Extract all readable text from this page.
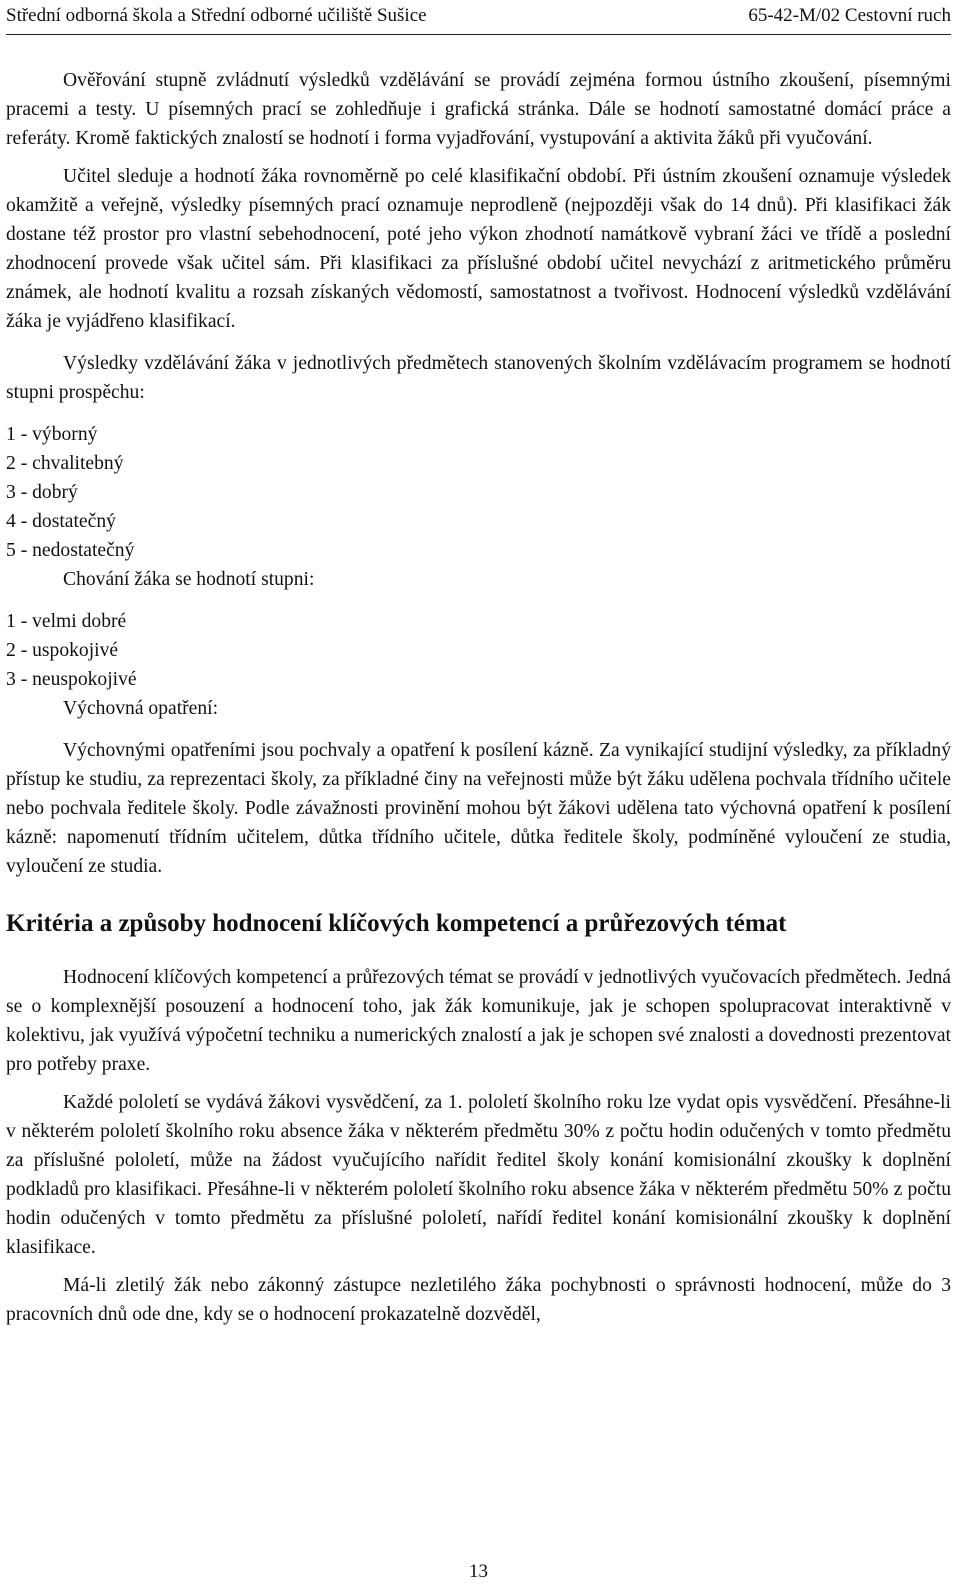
Střední odborná škola a Střední odborné učiliště Sušice	65-42-M/02 Cestovní ruch

Ověřování stupně zvládnutí výsledků vzdělávání se provádí zejména formou ústního zkoušení, písemnými pracemi a testy. U písemných prací se zohledňuje i grafická stránka. Dále se hodnotí samostatné domácí práce a referáty. Kromě faktických znalostí se hodnotí i forma vyjadřování, vystupování a aktivita žáků při vyučování.

Učitel sleduje a hodnotí žáka rovnoměrně po celé klasifikační období. Při ústním zkoušení oznamuje výsledek okamžitě a veřejně, výsledky písemných prací oznamuje neprodleně (nejpozději však do 14 dnů). Při klasifikaci žák dostane též prostor pro vlastní sebehodnocení, poté jeho výkon zhodnotí namátkově vybraní žáci ve třídě a poslední zhodnocení provede však učitel sám. Při klasifikaci za příslušné období učitel nevychází z aritmetického průměru známek, ale hodnotí kvalitu a rozsah získaných vědomostí, samostatnost a tvořivost. Hodnocení výsledků vzdělávání žáka je vyjádřeno klasifikací.

Výsledky vzdělávání žáka v jednotlivých předmětech stanovených školním vzdělávacím programem se hodnotí stupni prospěchu:

1 - výborný
2 - chvalitebný
3 - dobrý
4 - dostatečný
5 - nedostatečný
Chování žáka se hodnotí stupni:
1 - velmi dobré
2 - uspokojivé
3 - neuspokojivé
Výchovná opatření:

Výchovnými opatřeními jsou pochvaly a opatření k posílení kázně. Za vynikající studijní výsledky, za příkladný přístup ke studiu, za reprezentaci školy, za příkladné činy na veřejnosti může být žáku udělena pochvala třídního učitele nebo pochvala ředitele školy. Podle závažnosti provinění mohou být žákovi udělena tato výchovná opatření k posílení kázně: napomenutí třídním učitelem, důtka třídního učitele, důtka ředitele školy, podmíněné vyloučení ze studia, vyloučení ze studia.

Kritéria a způsoby hodnocení klíčových kompetencí a průřezových témat

Hodnocení klíčových kompetencí a průřezových témat se provádí v jednotlivých vyučovacích předmětech. Jedná se o komplexnější posouzení a hodnocení toho, jak žák komunikuje, jak je schopen spolupracovat interaktivně v kolektivu, jak využívá výpočetní techniku a numerických znalostí a jak je schopen své znalosti a dovednosti prezentovat pro potřeby praxe.

Každé pololetí se vydává žákovi vysvědčení, za 1. pololetí školního roku lze vydat opis vysvědčení. Přesáhne-li v některém pololetí školního roku absence žáka v některém předmětu 30% z počtu hodin odučených v tomto předmětu za příslušné pololetí, může na žádost vyučujícího nařídit ředitel školy konání komisionální zkoušky k doplnění podkladů pro klasifikaci. Přesáhne-li v některém pololetí školního roku absence žáka v některém předmětu 50% z počtu hodin odučených v tomto předmětu za příslušné pololetí, nařídí ředitel konání komisionální zkoušky k doplnění klasifikace.

Má-li zletilý žák nebo zákonný zástupce nezletilého žáka pochybnosti o správnosti hodnocení, může do 3 pracovních dnů ode dne, kdy se o hodnocení prokazatelně dozvěděl,

13
